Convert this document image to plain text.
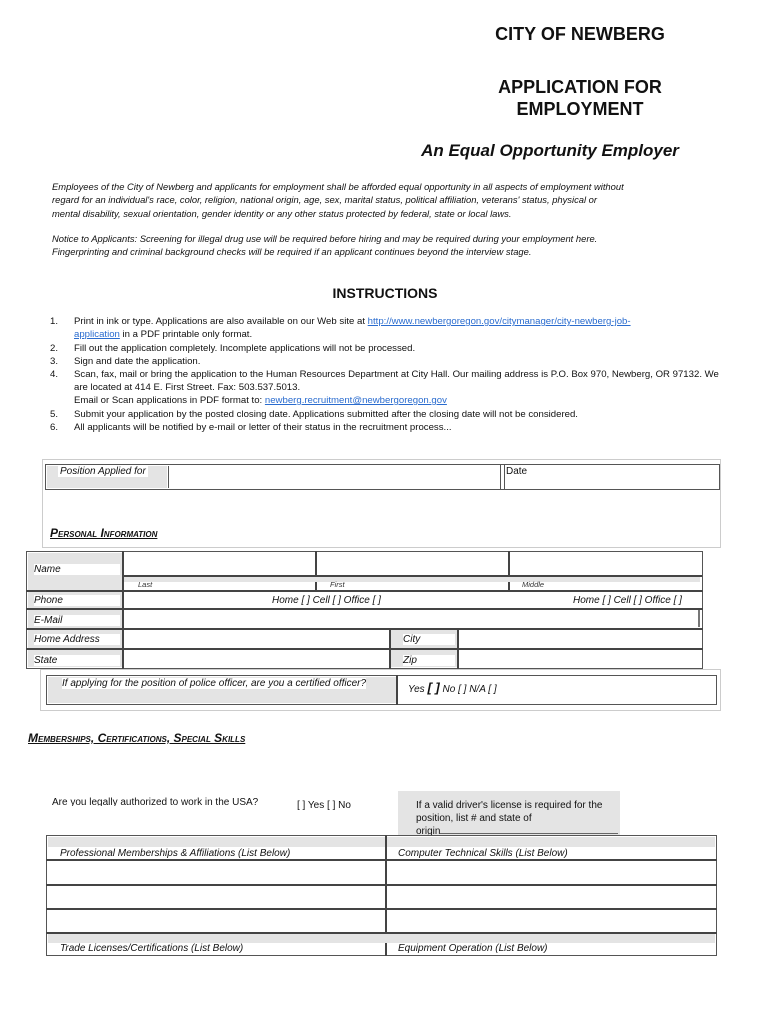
CITY OF NEWBERG
APPLICATION FOR
EMPLOYMENT
An Equal Opportunity Employer
Employees of the City of Newberg and applicants for employment shall be afforded equal opportunity in all aspects of employment without
regard for an individual's race, color, religion, national origin, age, sex, marital status, political affiliation, veterans' status, physical or
mental disability, sexual orientation, gender identity or any other status protected by federal, state or local laws.
Notice to Applicants: Screening for illegal drug use will be required before hiring and may be required during your employment here.
Fingerprinting and criminal background checks will be required if an applicant continues beyond the interview stage.
INSTRUCTIONS
1. Print in ink or type. Applications are also available on our Web site at http://www.newbergoregon.gov/citymanager/city-newberg-job-application in a PDF printable only format.
2. Fill out the application completely. Incomplete applications will not be processed.
3. Sign and date the application.
4. Scan, fax, mail or bring the application to the Human Resources Department at City Hall. Our mailing address is P.O. Box 970, Newberg, OR 97132. We are located at 414 E. First Street. Fax: 503.537.5013.
Email or Scan applications in PDF format to: newberg.recruitment@newbergoregon.gov
5. Submit your application by the posted closing date. Applications submitted after the closing date will not be considered.
6. All applicants will be notified by e-mail or letter of their status in the recruitment process...
Position Applied for	Date
Personal Information
Name
Last	First	Middle
Phone	Home [ ] Cell [ ] Office [ ]	Home [ ] Cell [ ] Office [ ]
E-Mail
Home Address	City
State	Zip
If applying for the position of police officer, are you a certified officer?
Yes [ ] No [ ] N/A [ ]
Memberships, Certifications, Special Skills
Are you legally authorized to work in the USA?	[ ] Yes [ ] No	If a valid driver's license is required for the
position, list # and state of
origin
Professional Memberships & Affiliations (List Below)	Computer Technical Skills (List Below)
Trade Licenses/Certifications (List Below)	Equipment Operation (List Below)
